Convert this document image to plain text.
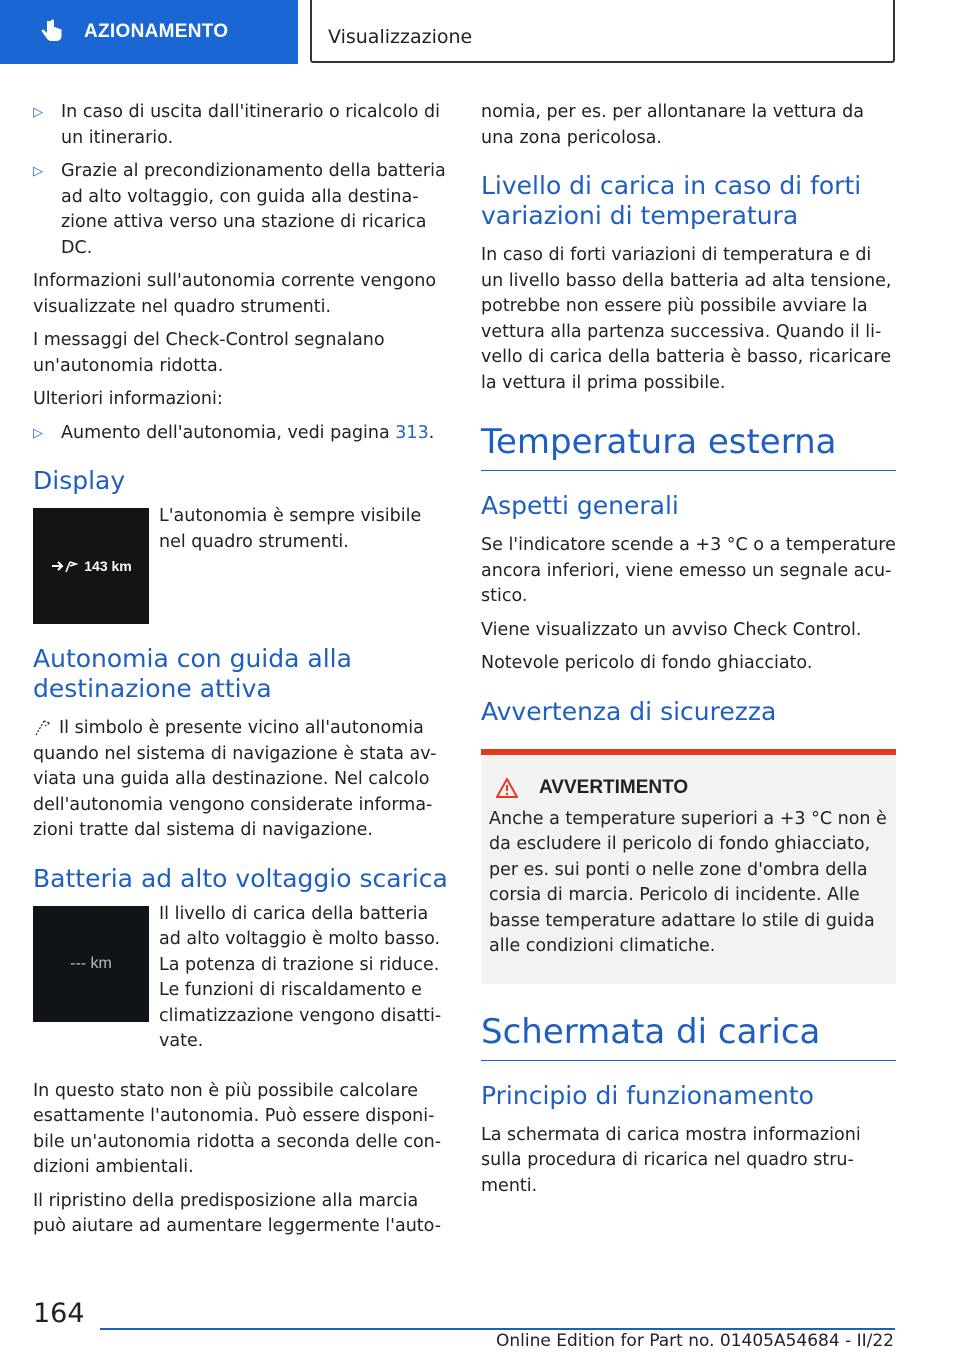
AZIONAMENTO	Visualizzazione
▷ In caso di uscita dall'itinerario o ricalcolo di un itinerario.
▷ Grazie al precondizionamento della batteria ad alto voltaggio, con guida alla destina-zione attiva verso una stazione di ricarica DC.

Informazioni sull'autonomia corrente vengono visualizzate nel quadro strumenti.

I messaggi del Check-Control segnalano un'autonomia ridotta.

Ulteriori informazioni:

▷ Aumento dell'autonomia, vedi pagina 313.
Display
143 km

L'autonomia è sempre visibile nel quadro strumenti.

Autonomia con guida alla destinazione attiva

Il simbolo è presente vicino all'autonomia quando nel sistema di navigazione è stata av-viata una guida alla destinazione. Nel calcolo dell'autonomia vengono considerate informa-zioni tratte dal sistema di navigazione.

Batteria ad alto voltaggio scarica
--- km

Il livello di carica della batteria ad alto voltaggio è molto basso. La potenza di trazione si riduce. Le funzioni di riscaldamento e climatizzazione vengono disatti-vate.

In questo stato non è più possibile calcolare esattamente l'autonomia. Può essere disponi-bile un'autonomia ridotta a seconda delle con-dizioni ambientali.

Il ripristino della predisposizione alla marcia può aiutare ad aumentare leggermente l'auto-

nomia, per es. per allontanare la vettura da una zona pericolosa.

Livello di carica in caso di forti variazioni di temperatura

In caso di forti variazioni di temperatura e di un livello basso della batteria ad alta tensione, potrebbe non essere più possibile avviare la vettura alla partenza successiva. Quando il li-vello di carica della batteria è basso, ricaricare la vettura il prima possibile.

Temperatura esterna
Aspetti generali

Se l'indicatore scende a +3 °C o a temperature ancora inferiori, viene emesso un segnale acu-stico.

Viene visualizzato un avviso Check Control.

Notevole pericolo di fondo ghiacciato.

Avvertenza di sicurezza
AVVERTIMENTO

Anche a temperature superiori a +3 °C non è da escludere il pericolo di fondo ghiacciato, per es. sui ponti o nelle zone d'ombra della corsia di marcia. Pericolo di incidente. Alle basse temperature adattare lo stile di guida alle condizioni climatiche.

Schermata di carica
Principio di funzionamento

La schermata di carica mostra informazioni sulla procedura di ricarica nel quadro stru-menti.

164
Online Edition for Part no. 01405A54684 - II/22
